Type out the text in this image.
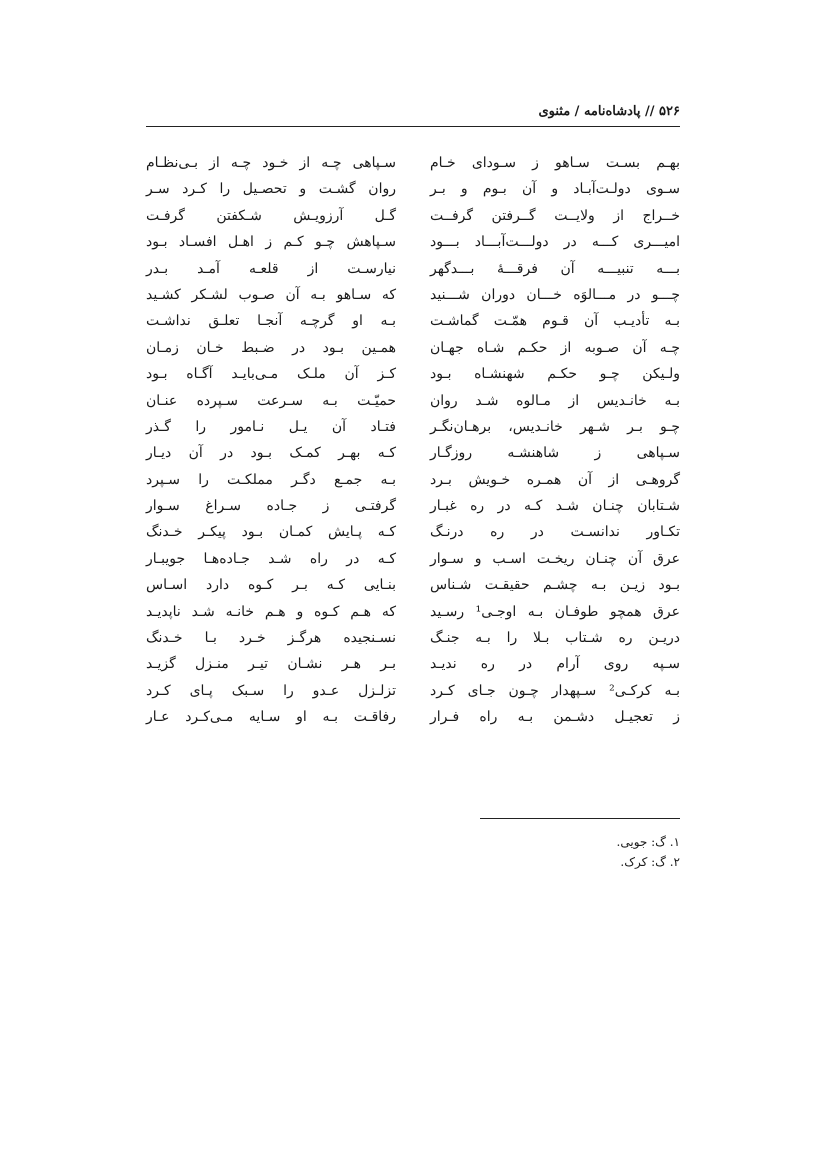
۵۲۶ // پادشاه‌نامه / مثنوی
بهـم بسـت سـاهو ز سـودای خـام
سـوی دولـت‌آبـاد و آن بـوم و بـر
خــراج از ولایــت گــرفتن گرفــت
امیـــری کـــه در دولـــت‌آبـــاد بـــود
بـــه تنبیـــه آن فرقـــهٔ بـــدگهر
چـــو در مـــالوَه خـــان دوران شـــنید
بـه تأدیـب آن قـوم همّـت گماشـت
چـه آن صـوبه از حکـم شـاه جهـان
ولـیکن چـو حکـم شهنشـاه بـود
بـه خانـدیس از مـالوه شـد روان
چـو بـر شـهر خانـدیس، برهـان‌نگـر
سـپاهی ز شاهنشـه روزگـار
گروهـی از آن همـره خـویش بـرد
شـتابان چنـان شـد کـه در ره غبـار
تکـاور ندانسـت در ره درنـگ
عرق آن چنـان ریخـت اسـب و سـوار
بـود زیـن بـه چشـم حقیقـت شـناس
عرق همچو طوفـان بـه اوجـی¹ رسـید
دریـن ره شـتاب بـلا را بـه جنـگ
سـپه روی آرام در ره ندیـد
بـه کرکـی² سـپهدار چـون جـای کـرد
ز تعجیـل دشـمن بـه راه فـرار
سـپاهی چـه از خـود چـه از بـی‌نظـام
روان گشـت و تحصـیل را کـرد سـر
گـل آرزویـش شـکفتن گرفـت
سـپاهش چـو کـم ز اهـل افسـاد بـود
نیارسـت از قلعـه آمـد بـدر
که سـاهو بـه آن صـوب لشـکر کشـید
بـه او گرچـه آنجـا تعلـق نداشـت
همـین بـود در ضـبط خـان زمـان
کـز آن ملـک مـی‌بایـد آگـاه بـود
حمیّـت بـه سـرعت سـپرده عنـان
فتـاد آن یـل نـامور را گـذر
کـه بهـر کمـک بـود در آن دیـار
بـه جمـع دگـر مملکـت را سـپرد
گرفتـی ز جـاده سـراغ سـوار
کـه پـایش کمـان بـود پیکـر خـدنگ
کـه در راه شـد جـاده‌هـا جویبـار
بنـایی کـه بـر کـوه دارد اسـاس
که هـم کـوه و هـم خانـه شـد ناپدیـد
نسـنجیده هرگـز خـرد بـا خـدنگ
بـر هـر نشـان تیـر منـزل گزیـد
تزلـزل عـدو را سـبک پـای کـرد
رفاقـت بـه او سـایه مـی‌کـرد عـار
۱. گ: جویی.
۲. گ: کرک.
